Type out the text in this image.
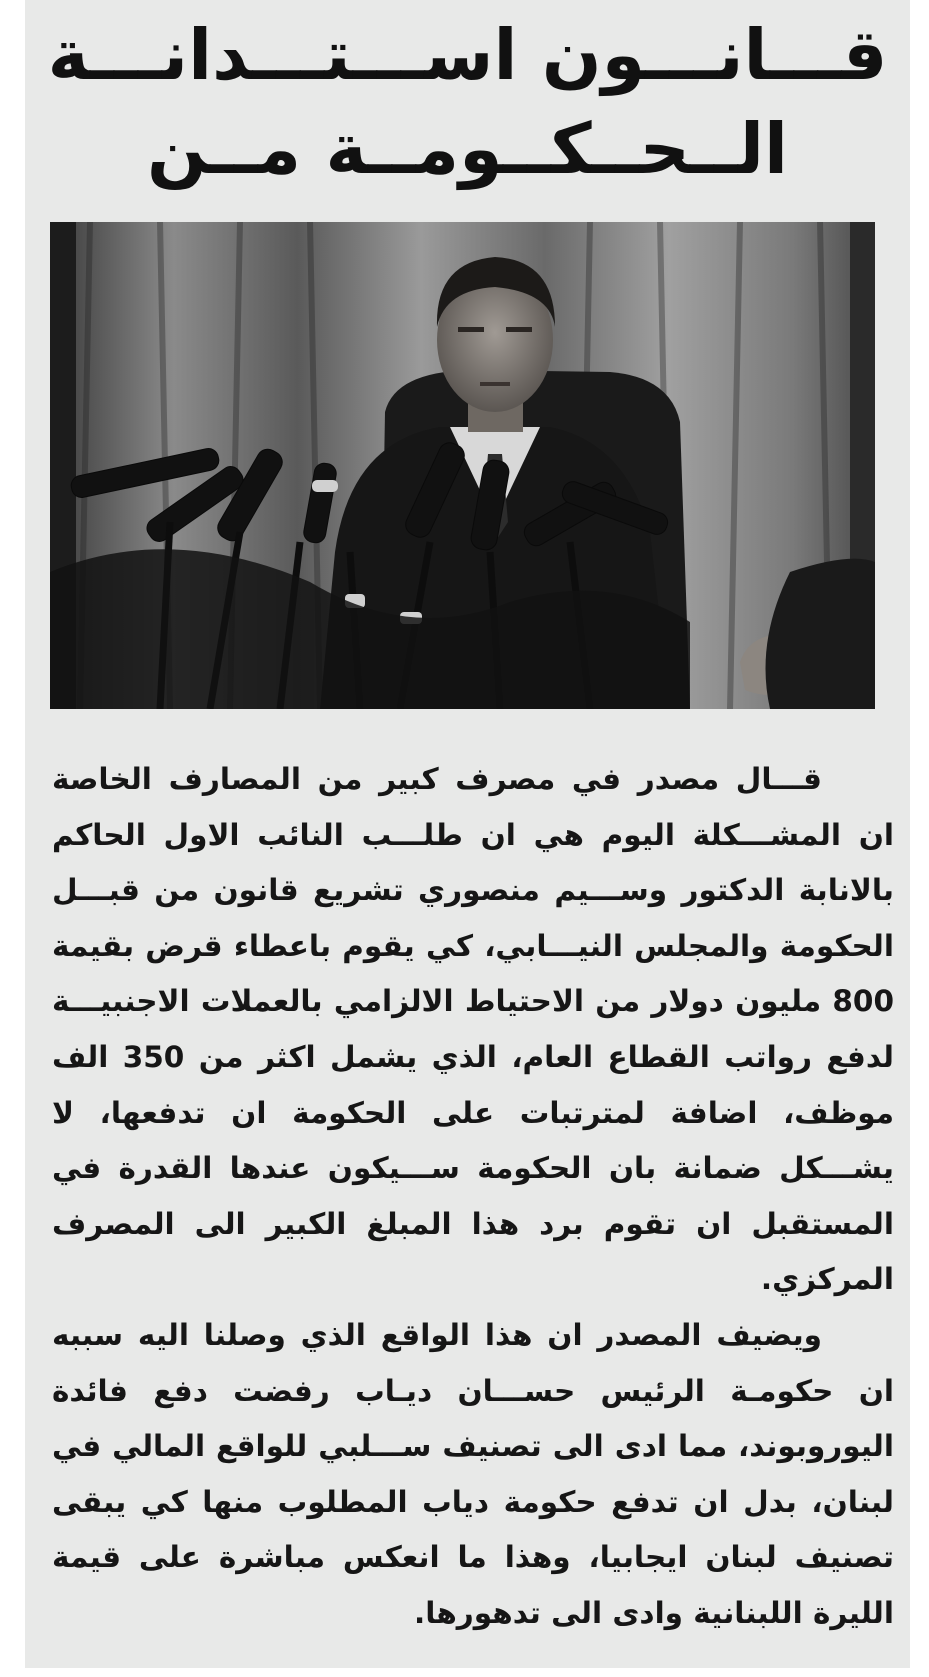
قـــانـــون اســـتـــدانـــة
الــحــكــومــة مــن

قـــال مصدر في مصرف كبير من المصارف الخاصة ان المشـــكلة اليوم هي ان طلـــب النائب الاول الحاكم بالانابة الدكتور وســـيم منصوري تشريع قانون من قبـــل الحكومة والمجلس النيـــابي، كي يقوم باعطاء قرض بقيمة 800 مليون دولار من الاحتياط الالزامي بالعملات الاجنبيـــة لدفع رواتب القطاع العام، الذي يشمل اكثر من 350 الف موظف، اضافة لمترتبات على الحكومة ان تدفعها، لا يشـــكل ضمانة بان الحكومة ســـيكون عندها القدرة في المستقبل ان تقوم برد هذا المبلغ الكبير الى المصرف المركزي.

ويضيف المصدر ان هذا الواقع الذي وصلنا اليه سببه ان حكومـة الرئيس حســـان ديـاب رفضت دفع فائدة اليوروبوند، مما ادى الى تصنيف ســـلبي للواقع المالي في لبنان، بدل ان تدفع حكومة دياب المطلوب منها كي يبقى تصنيف لبنان ايجابيا، وهذا ما انعكس مباشرة على قيمة الليرة اللبنانية وادى الى تدهورها.
